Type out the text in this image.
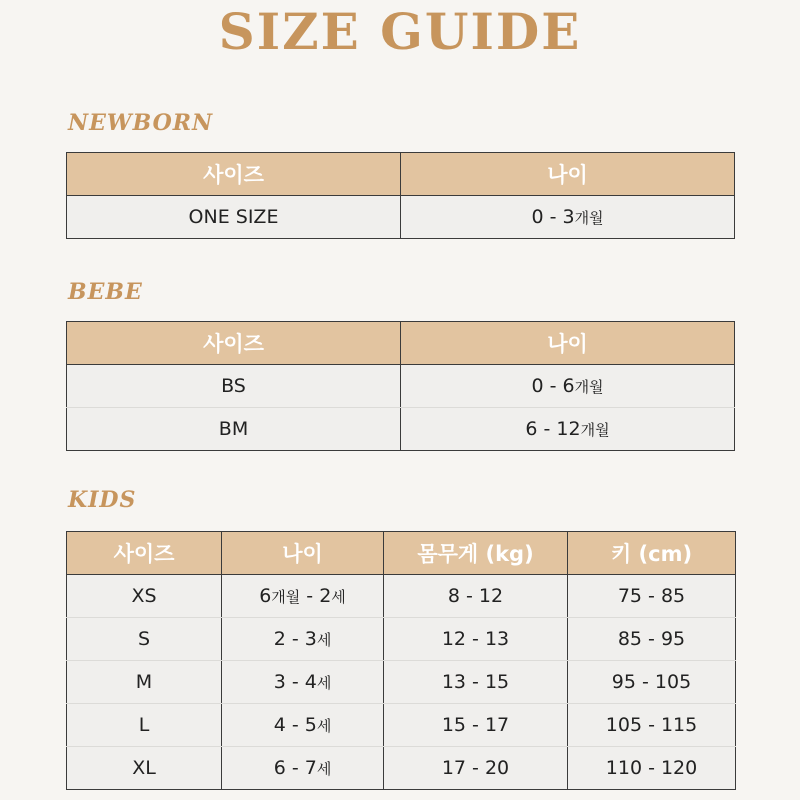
SIZE GUIDE
NEWBORN
사이즈	나이
ONE SIZE	0 - 3개월
BEBE
사이즈	나이
BS	0 - 6개월
BM	6 - 12개월
KIDS
사이즈	나이	몸무게 (kg)	키 (cm)
XS	6개월 - 2세	8 - 12	75 - 85
S	2 - 3세	12 - 13	85 - 95
M	3 - 4세	13 - 15	95 - 105
L	4 - 5세	15 - 17	105 - 115
XL	6 - 7세	17 - 20	110 - 120
